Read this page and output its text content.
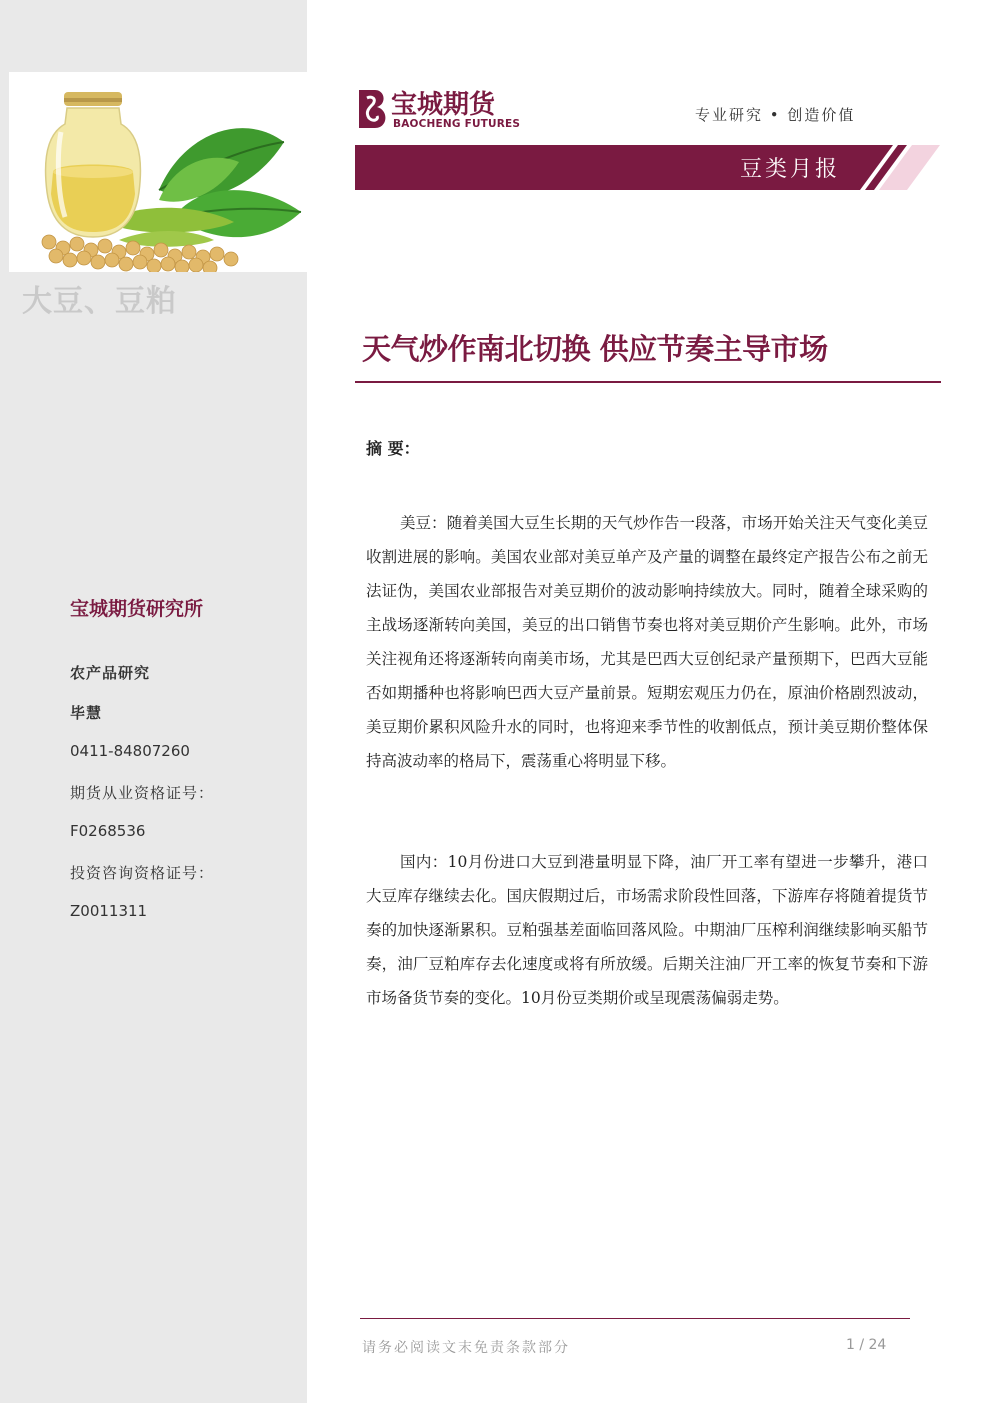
大豆、豆粕
宝城期货研究所
农产品研究
毕慧
0411-84807260
期货从业资格证号：
F0268536
投资咨询资格证号：
Z0011311
宝城期货
BAOCHENG FUTURES	专业研究 • 创造价值
豆类月报
天气炒作南北切换 供应节奏主导市场
摘 要：

美豆：随着美国大豆生长期的天气炒作告一段落，市场开始关注天气变化美豆收割进展的影响。美国农业部对美豆单产及产量的调整在最终定产报告公布之前无法证伪，美国农业部报告对美豆期价的波动影响持续放大。同时，随着全球采购的主战场逐渐转向美国，美豆的出口销售节奏也将对美豆期价产生影响。此外，市场关注视角还将逐渐转向南美市场，尤其是巴西大豆创纪录产量预期下，巴西大豆能否如期播种也将影响巴西大豆产量前景。短期宏观压力仍在，原油价格剧烈波动，美豆期价累积风险升水的同时，也将迎来季节性的收割低点，预计美豆期价整体保持高波动率的格局下，震荡重心将明显下移。

国内：10月份进口大豆到港量明显下降，油厂开工率有望进一步攀升，港口大豆库存继续去化。国庆假期过后，市场需求阶段性回落，下游库存将随着提货节奏的加快逐渐累积。豆粕强基差面临回落风险。中期油厂压榨利润继续影响买船节奏，油厂豆粕库存去化速度或将有所放缓。后期关注油厂开工率的恢复节奏和下游市场备货节奏的变化。10月份豆类期价或呈现震荡偏弱走势。

请务必阅读文末免责条款部分	1 / 24
